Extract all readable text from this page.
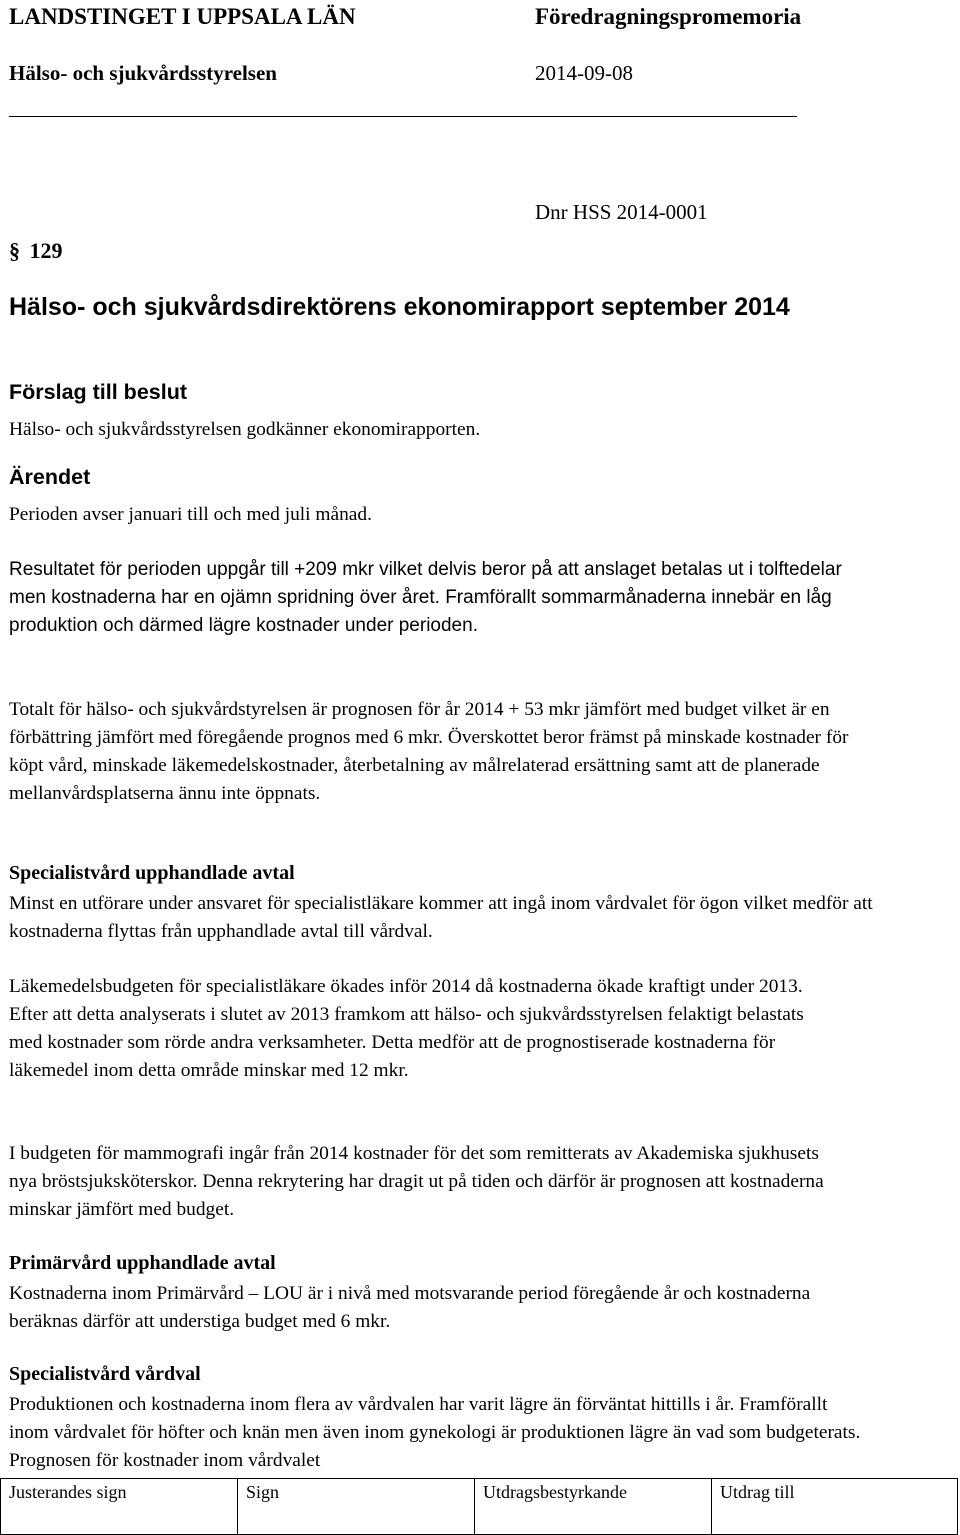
LANDSTINGET I UPPSALA LÄN	Föredragningspromemoria
Hälso- och sjukvårdsstyrelsen	2014-09-08
Dnr HSS 2014-0001
§ 129
Hälso- och sjukvårdsdirektörens ekonomirapport september 2014
Förslag till beslut

Hälso- och sjukvårdsstyrelsen godkänner ekonomirapporten.

Ärendet

Perioden avser januari till och med juli månad.

Resultatet för perioden uppgår till +209 mkr vilket delvis beror på att anslaget betalas ut i tolftedelar men kostnaderna har en ojämn spridning över året. Framförallt sommarmånaderna innebär en låg produktion och därmed lägre kostnader under perioden.

Totalt för hälso- och sjukvårdstyrelsen är prognosen för år 2014 + 53 mkr jämfört med budget vilket är en förbättring jämfört med föregående prognos med 6 mkr. Överskottet beror främst på minskade kostnader för köpt vård, minskade läkemedelskostnader, återbetalning av målrelaterad ersättning samt att de planerade mellanvårdsplatserna ännu inte öppnats.

Specialistvård upphandlade avtal

Minst en utförare under ansvaret för specialistläkare kommer att ingå inom vårdvalet för ögon vilket medför att kostnaderna flyttas från upphandlade avtal till vårdval.

Läkemedelsbudgeten för specialistläkare ökades inför 2014 då kostnaderna ökade kraftigt under 2013. Efter att detta analyserats i slutet av 2013 framkom att hälso- och sjukvårdsstyrelsen felaktigt belastats med kostnader som rörde andra verksamheter. Detta medför att de prognostiserade kostnaderna för läkemedel inom detta område minskar med 12 mkr.

I budgeten för mammografi ingår från 2014 kostnader för det som remitterats av Akademiska sjukhusets nya bröstsjuksköterskor. Denna rekrytering har dragit ut på tiden och därför är prognosen att kostnaderna minskar jämfört med budget.

Primärvård upphandlade avtal

Kostnaderna inom Primärvård – LOU är i nivå med motsvarande period föregående år och kostnaderna beräknas därför att understiga budget med 6 mkr.

Specialistvård vårdval

Produktionen och kostnaderna inom flera av vårdvalen har varit lägre än förväntat hittills i år. Framförallt inom vårdvalet för höfter och knän men även inom gynekologi är produktionen lägre än vad som budgeterats. Prognosen för kostnader inom vårdvalet

Justerandes sign	Sign	Utdragsbestyrkande	Utdrag till
